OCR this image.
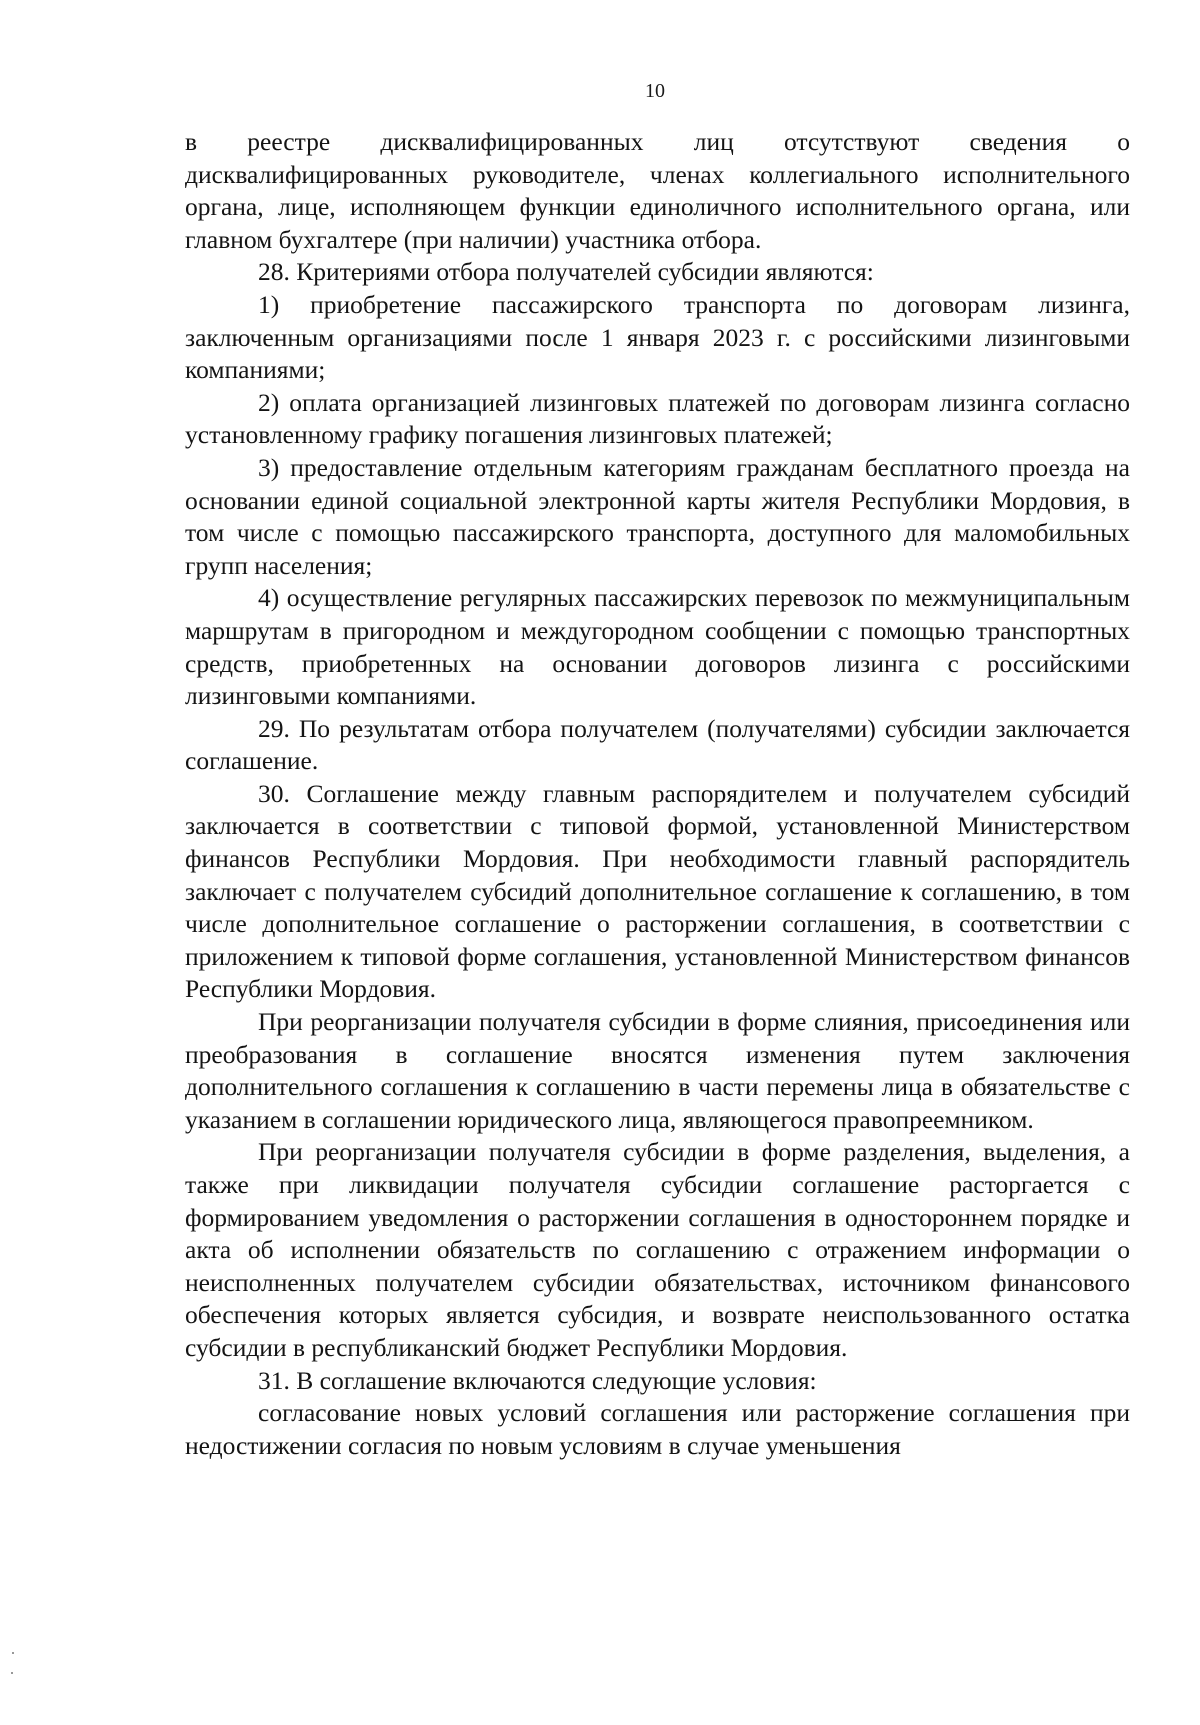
10

в реестре дисквалифицированных лиц отсутствуют сведения о дисквалифицированных руководителе, членах коллегиального исполнительного органа, лице, исполняющем функции единоличного исполнительного органа, или главном бухгалтере (при наличии) участника отбора.

28. Критериями отбора получателей субсидии являются:

1) приобретение пассажирского транспорта по договорам лизинга, заключенным организациями после 1 января 2023 г. с российскими лизинговыми компаниями;

2) оплата организацией лизинговых платежей по договорам лизинга согласно установленному графику погашения лизинговых платежей;

3) предоставление отдельным категориям гражданам бесплатного проезда на основании единой социальной электронной карты жителя Республики Мордовия, в том числе с помощью пассажирского транспорта, доступного для маломобильных групп населения;

4) осуществление регулярных пассажирских перевозок по межмуниципальным маршрутам в пригородном и междугородном сообщении с помощью транспортных средств, приобретенных на основании договоров лизинга с российскими лизинговыми компаниями.

29. По результатам отбора получателем (получателями) субсидии заключается соглашение.

30. Соглашение между главным распорядителем и получателем субсидий заключается в соответствии с типовой формой, установленной Министерством финансов Республики Мордовия. При необходимости главный распорядитель заключает с получателем субсидий дополнительное соглашение к соглашению, в том числе дополнительное соглашение о расторжении соглашения, в соответствии с приложением к типовой форме соглашения, установленной Министерством финансов Республики Мордовия.

При реорганизации получателя субсидии в форме слияния, присоединения или преобразования в соглашение вносятся изменения путем заключения дополнительного соглашения к соглашению в части перемены лица в обязательстве с указанием в соглашении юридического лица, являющегося правопреемником.

При реорганизации получателя субсидии в форме разделения, выделения, а также при ликвидации получателя субсидии соглашение расторгается с формированием уведомления о расторжении соглашения в одностороннем порядке и акта об исполнении обязательств по соглашению с отражением информации о неисполненных получателем субсидии обязательствах, источником финансового обеспечения которых является субсидия, и возврате неиспользованного остатка субсидии в республиканский бюджет Республики Мордовия.

31. В соглашение включаются следующие условия:

согласование новых условий соглашения или расторжение соглашения при недостижении согласия по новым условиям в случае уменьшения
